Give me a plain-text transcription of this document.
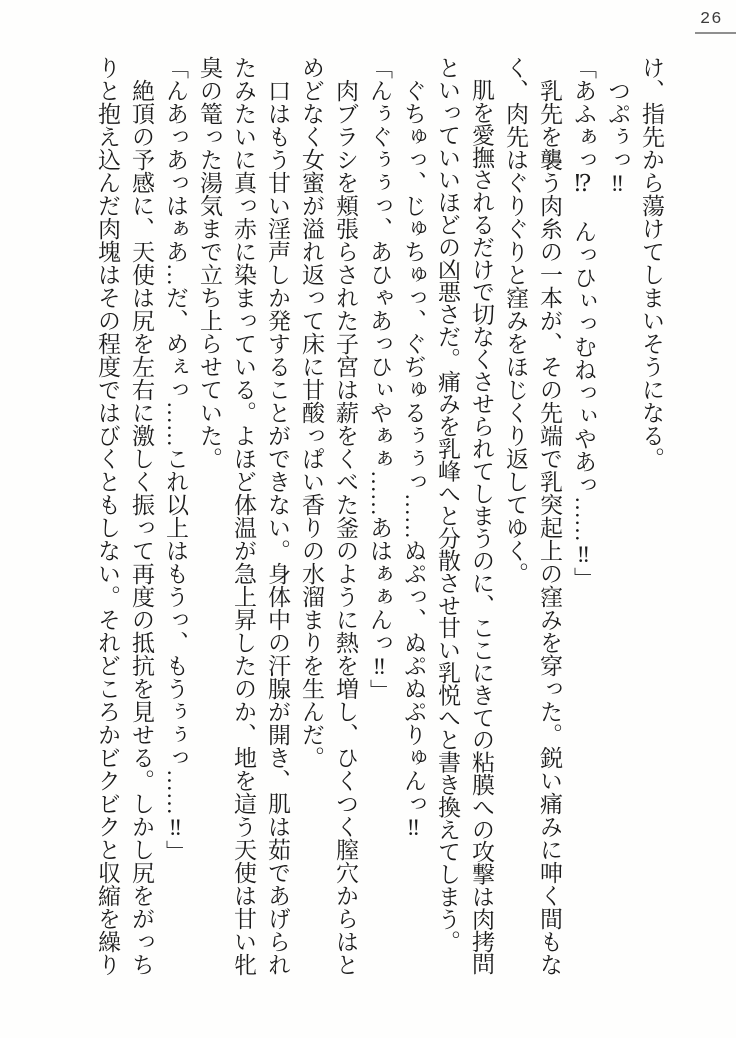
26

け、指先から蕩けてしまいそうになる。

　つぷぅっ‼

「あふぁっ⁉　んっひぃっむねっぃやあっ……‼」

　乳先を襲う肉糸の一本が、その先端で乳突起上の窪みを穿った。鋭い痛みに呻く間もなく、肉先はぐりぐりと窪みをほじくり返してゆく。

　肌を愛撫されるだけで切なくさせられてしまうのに、ここにきての粘膜への攻撃は肉拷問といっていいほどの凶悪さだ。痛みを乳峰へと分散させ甘い乳悦へと書き換えてしまう。

　ぐちゅっ、じゅちゅっ、ぐぢゅるぅぅっ……ぬぷっ、ぬぷぬぷりゅんっ‼

「んぅぐぅぅっ、あひゃあっひぃやぁぁ……あはぁぁんっ‼」

　肉ブラシを頬張らされた子宮は薪をくべた釜のように熱を増し、ひくつく膣穴からはとめどなく女蜜が溢れ返って床に甘酸っぱい香りの水溜まりを生んだ。

　口はもう甘い淫声しか発することができない。身体中の汗腺が開き、肌は茹であげられたみたいに真っ赤に染まっている。よほど体温が急上昇したのか、地を這う天使は甘い牝臭の篭った湯気まで立ち上らせていた。

「んあっあっはぁあ…だ、めぇっ……これ以上はもうっ、もうぅぅっ……‼」

　絶頂の予感に、天使は尻を左右に激しく振って再度の抵抗を見せる。しかし尻をがっちりと抱え込んだ肉塊はその程度ではびくともしない。それどころかビクビクと収縮を繰り
